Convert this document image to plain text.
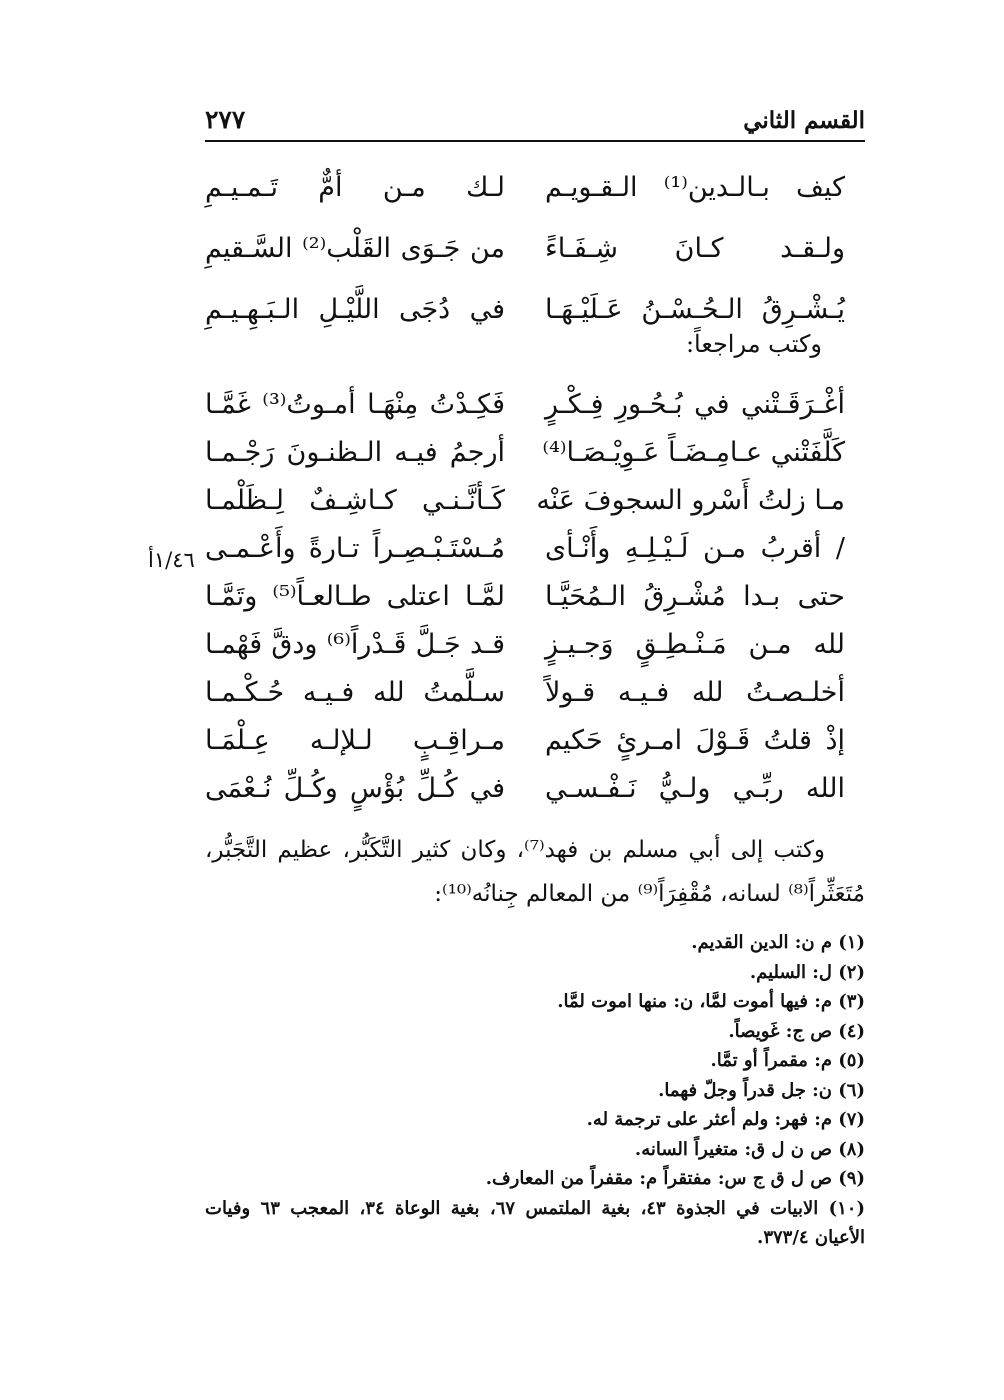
القسم الثاني
٢٧٧
كيف بـالـدين⁽¹⁾ الـقـويـم
لـك مـن أمٌّ تَـمـيـمِ
ولـقـد كـانَ شِـفَـاءً
من جَـوَى القَلْب⁽²⁾ السَّـقيمِ
يُـشْـرِقُ الـحُـسْـنُ عَـلَيْـهَـا
في دُجَى اللَّيْـلِ الـبَـهِـيـمِ
وكتب مراجعاً:
١/٤٦أ
أغْـرَقَـتْني في بُـحُـورِ فِـكْـرٍ
فَكِـدْتُ مِنْهَـا أمـوتُ⁽³⁾ غَمَّـا
كَلَّفَتْني عـامِـضَـاً عَـوِيْـصَـا⁽⁴⁾
أرجمُ فيـه الـظنـونَ رَجْـمـا
مـا زلتُ أَسْرو السجوفَ عَنْه
كَـأنَّـنـي كـاشِـفٌ لِـظَلْمـا
/ أقربُ مـن لَـيْـلِـهِ وأَنْـأى
مُـسْتَـبْـصِـراً تـارةً وأَعْـمـى
حتى بـدا مُشْـرِقُ الـمُحَيَّـا
لمَّـا اعتلى طـالعـاً⁽⁵⁾ وتَمَّـا
لله مـن مَـنْـطِـقٍ وَجـيـزٍ
قـد جَـلَّ قَـدْراً⁽⁶⁾ ودقَّ فَهْمـا
أخلـصـتُ لله فـيـه قـولاً
سـلَّمتُ لله فـيـه حُـكْـمـا
إذْ قلتُ قَـوْلَ امـرئٍ حَكيم
مـراقِـبٍ لـلإلـه عِـلْمَـا
الله ربِّـي ولـيُّ نَـفْـسـي
في كُـلِّ بُؤْسٍ وكُـلِّ نُـعْمَى

وكتب إلى أبي مسلم بن فهد⁽⁷⁾، وكان كثير التَّكَبُّر، عظيم التَّجَبُّر،

مُتَعَثِّراً⁽⁸⁾ لسانه، مُقْفِرَاً⁽⁹⁾ من المعالم جِنانُه⁽¹⁰⁾:

(١) م ن: الدين القديم.

(٢) ل: السليم.

(٣) م: فيها أموت لمَّا، ن: منها اموت لمَّا.

(٤) ص ج: غَويصاً.

(٥) م: مقمراً أو تمَّا.

(٦) ن: جل قدراً وجلّ فهما.

(٧) م: فهر: ولم أعثر على ترجمة له.

(٨) ص ن ل ق: متغيراً السانه.

(٩) ص ل ق ج س: مفتقراً م: مقفراً من المعارف.

(١٠) الابيات في الجذوة ٤٣، بغية الملتمس ٦٧، بغية الوعاة ٣٤، المعجب ٦٣ وفيات الأعيان ٣٧٣/٤.
